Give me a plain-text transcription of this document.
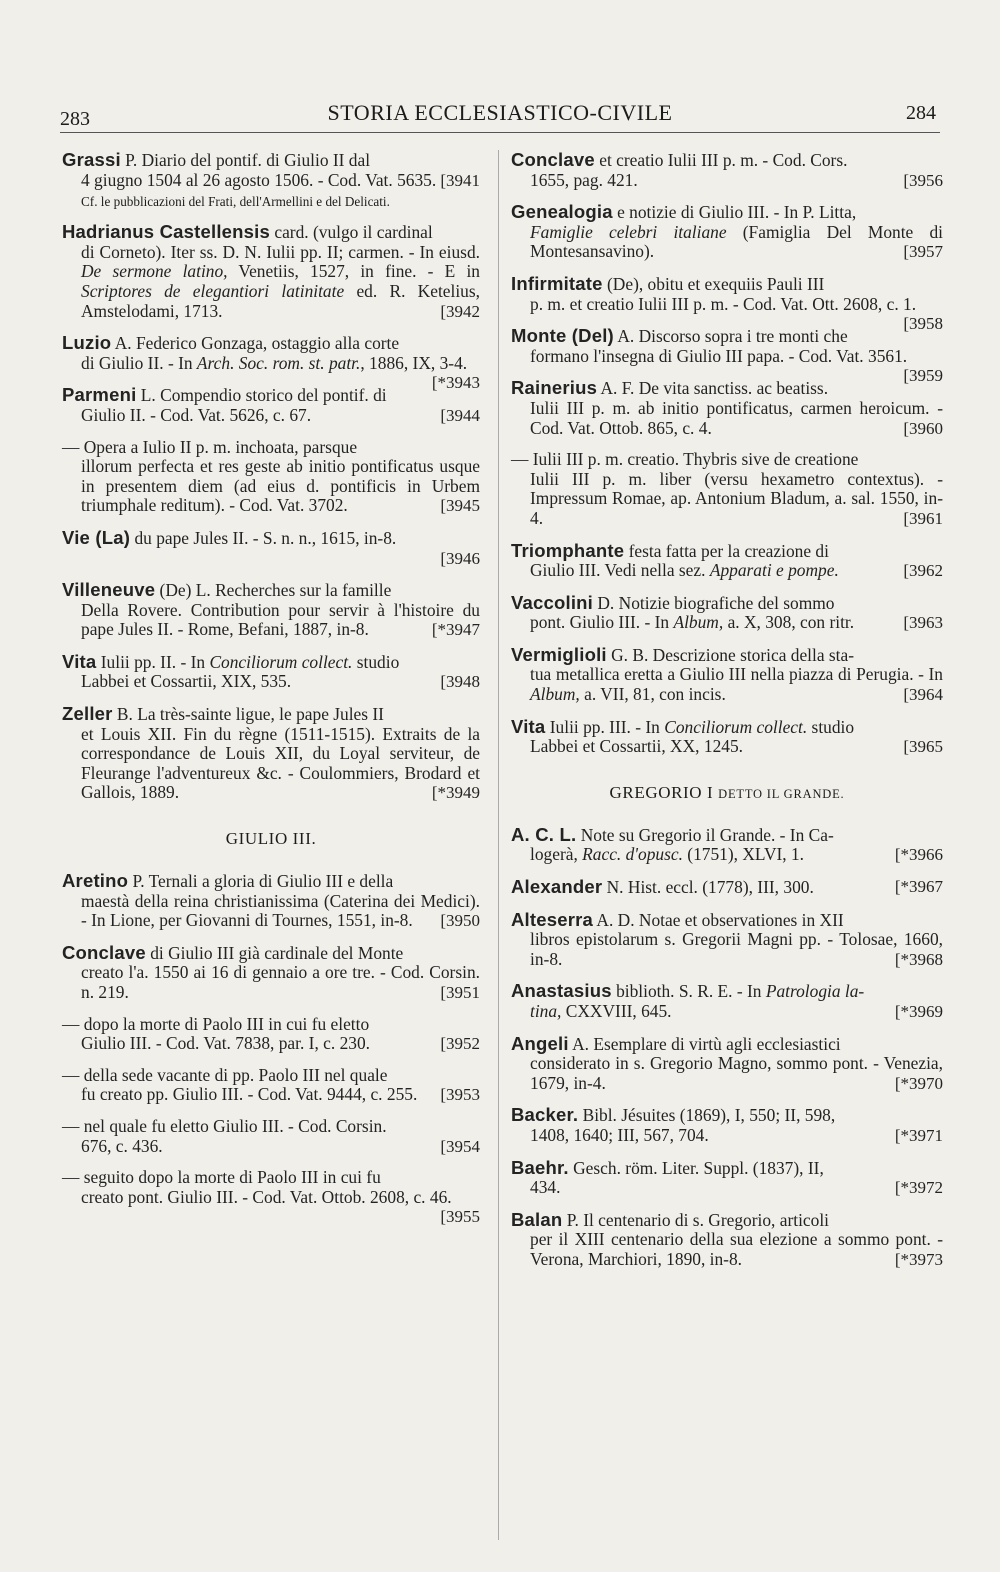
283	STORIA ECCLESIASTICO-CIVILE	284
Grassi P. Diario del pontif. di Giulio II dal
4 giugno 1504 al 26 agosto 1506. - Cod. Vat. 5635. [3941
Cf. le pubblicazioni del Frati, dell'Armellini e del Delicati.
Hadrianus Castellensis card. (vulgo il cardinal
di Corneto). Iter ss. D. N. Iulii pp. II; carmen. - In eiusd. De sermone latino, Venetiis, 1527, in fine. - E in Scriptores de elegantiori latinitate ed. R. Ketelius, Amstelodami, 1713.	[3942
Luzio A. Federico Gonzaga, ostaggio alla corte
di Giulio II. - In Arch. Soc. rom. st. patr., 1886, IX, 3-4.
[*3943
Parmeni L. Compendio storico del pontif. di
Giulio II. - Cod. Vat. 5626, c. 67.	[3944
— Opera a Iulio II p. m. inchoata, parsque
illorum perfecta et res geste ab initio pontificatus usque in presentem diem (ad eius d. pontificis in Urbem triumphale reditum). - Cod. Vat. 3702.	[3945
Vie (La) du pape Jules II. - S. n. n., 1615, in-8.

[3946
Villeneuve (De) L. Recherches sur la famille
Della Rovere. Contribution pour servir à l'histoire du pape Jules II. - Rome, Befani, 1887, in-8.	[*3947
Vita Iulii pp. II. - In Conciliorum collect. studio
Labbei et Cossartii, XIX, 535.	[3948
Zeller B. La très-sainte ligue, le pape Jules II
et Louis XII. Fin du règne (1511-1515). Extraits de la correspondance de Louis XII, du Loyal serviteur, de Fleurange l'adventureux &c. - Coulommiers, Brodard et Gallois, 1889.	[*3949
GIULIO III.
Aretino P. Ternali a gloria di Giulio III e della
maestà della reina christianissima (Caterina dei Medici). - In Lione, per Giovanni di Tournes, 1551, in-8. [3950
Conclave di Giulio III già cardinale del Monte
creato l'a. 1550 ai 16 di gennaio a ore tre. - Cod. Corsin. n. 219.	[3951
— dopo la morte di Paolo III in cui fu eletto
Giulio III. - Cod. Vat. 7838, par. I, c. 230.	[3952
— della sede vacante di pp. Paolo III nel quale
fu creato pp. Giulio III. - Cod. Vat. 9444, c. 255. [3953
— nel quale fu eletto Giulio III. - Cod. Corsin.
676, c. 436.	[3954
— seguito dopo la morte di Paolo III in cui fu
creato pont. Giulio III. - Cod. Vat. Ottob. 2608, c. 46.
[3955
Conclave et creatio Iulii III p. m. - Cod. Cors.
1655, pag. 421.	[3956
Genealogia e notizie di Giulio III. - In P. Litta,
Famiglie celebri italiane (Famiglia Del Monte di Montesansavino).	[3957
Infirmitate (De), obitu et exequiis Pauli III
p. m. et creatio Iulii III p. m. - Cod. Vat. Ott. 2608, c. 1.
[3958
Monte (Del) A. Discorso sopra i tre monti che
formano l'insegna di Giulio III papa. - Cod. Vat. 3561.
[3959
Rainerius A. F. De vita sanctiss. ac beatiss.
Iulii III p. m. ab initio pontificatus, carmen heroicum. - Cod. Vat. Ottob. 865, c. 4.	[3960
— Iulii III p. m. creatio. Thybris sive de creatione
Iulii III p. m. liber (versu hexametro contextus). - Impressum Romae, ap. Antonium Bladum, a. sal. 1550, in-4.	[3961
Triomphante festa fatta per la creazione di
Giulio III. Vedi nella sez. Apparati e pompe.	[3962
Vaccolini D. Notizie biografiche del sommo
pont. Giulio III. - In Album, a. X, 308, con ritr.	[3963
Vermiglioli G. B. Descrizione storica della sta-
tua metallica eretta a Giulio III nella piazza di Perugia. - In Album, a. VII, 81, con incis.	[3964
Vita Iulii pp. III. - In Conciliorum collect. studio
Labbei et Cossartii, XX, 1245.	[3965
GREGORIO I DETTO IL GRANDE.
A. C. L. Note su Gregorio il Grande. - In Ca-
logerà, Racc. d'opusc. (1751), XLVI, 1.	[*3966
Alexander N. Hist. eccl. (1778), III, 300.	[*3967
Alteserra A. D. Notae et observationes in XII
libros epistolarum s. Gregorii Magni pp. - Tolosae, 1660, in-8.	[*3968
Anastasius biblioth. S. R. E. - In Patrologia la-
tina, CXXVIII, 645.	[*3969
Angeli A. Esemplare di virtù agli ecclesiastici
considerato in s. Gregorio Magno, sommo pont. - Venezia, 1679, in-4.	[*3970
Backer. Bibl. Jésuites (1869), I, 550; II, 598,
1408, 1640; III, 567, 704.	[*3971
Baehr. Gesch. röm. Liter. Suppl. (1837), II,
434.	[*3972
Balan P. Il centenario di s. Gregorio, articoli
per il XIII centenario della sua elezione a sommo pont. - Verona, Marchiori, 1890, in-8.	[*3973
